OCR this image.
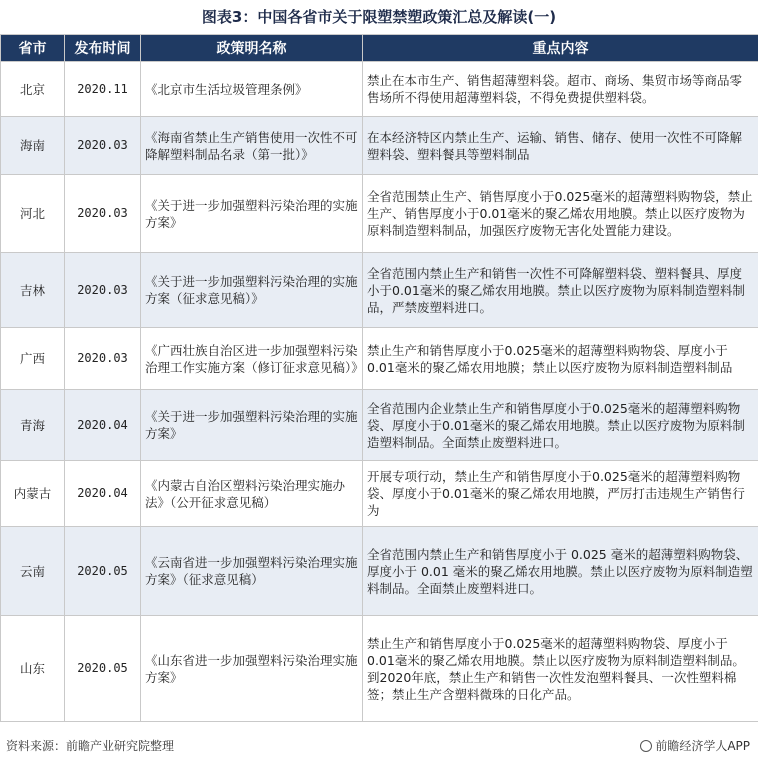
图表3：中国各省市关于限塑禁塑政策汇总及解读(一)
省市	发布时间	政策明名称	重点内容
北京	2020.11	《北京市生活垃圾管理条例》	禁止在本市生产、销售超薄塑料袋。超市、商场、集贸市场等商品零售场所不得使用超薄塑料袋，不得免费提供塑料袋。
海南	2020.03	《海南省禁止生产销售使用一次性不可降解塑料制品名录（第一批）》	在本经济特区内禁止生产、运输、销售、储存、使用一次性不可降解塑料袋、塑料餐具等塑料制品
河北	2020.03	《关于进一步加强塑料污染治理的实施方案》	全省范围禁止生产、销售厚度小于0.025毫米的超薄塑料购物袋，禁止生产、销售厚度小于0.01毫米的聚乙烯农用地膜。禁止以医疗废物为原料制造塑料制品，加强医疗废物无害化处置能力建设。
吉林	2020.03	《关于进一步加强塑料污染治理的实施方案（征求意见稿）》	全省范围内禁止生产和销售一次性不可降解塑料袋、塑料餐具、厚度小于0.01毫米的聚乙烯农用地膜。禁止以医疗废物为原料制造塑料制品，严禁废塑料进口。
广西	2020.03	《广西壮族自治区进一步加强塑料污染治理工作实施方案（修订征求意见稿）》	禁止生产和销售厚度小于0.025毫米的超薄塑料购物袋、厚度小于0.01毫米的聚乙烯农用地膜；禁止以医疗废物为原料制造塑料制品
青海	2020.04	《关于进一步加强塑料污染治理的实施方案》	全省范围内企业禁止生产和销售厚度小于0.025毫米的超薄塑料购物袋、厚度小于0.01毫米的聚乙烯农用地膜。禁止以医疗废物为原料制造塑料制品。全面禁止废塑料进口。
内蒙古	2020.04	《内蒙古自治区塑料污染治理实施办法》（公开征求意见稿）	开展专项行动，禁止生产和销售厚度小于0.025毫米的超薄塑料购物袋、厚度小于0.01毫米的聚乙烯农用地膜，严厉打击违规生产销售行为
云南	2020.05	《云南省进一步加强塑料污染治理实施方案》（征求意见稿）	全省范围内禁止生产和销售厚度小于 0.025 毫米的超薄塑料购物袋、厚度小于 0.01 毫米的聚乙烯农用地膜。禁止以医疗废物为原料制造塑料制品。全面禁止废塑料进口。
山东	2020.05	《山东省进一步加强塑料污染治理实施方案》	禁止生产和销售厚度小于0.025毫米的超薄塑料购物袋、厚度小于0.01毫米的聚乙烯农用地膜。禁止以医疗废物为原料制造塑料制品。到2020年底，禁止生产和销售一次性发泡塑料餐具、一次性塑料棉签；禁止生产含塑料微珠的日化产品。
资料来源：前瞻产业研究院整理	前瞻经济学人APP
